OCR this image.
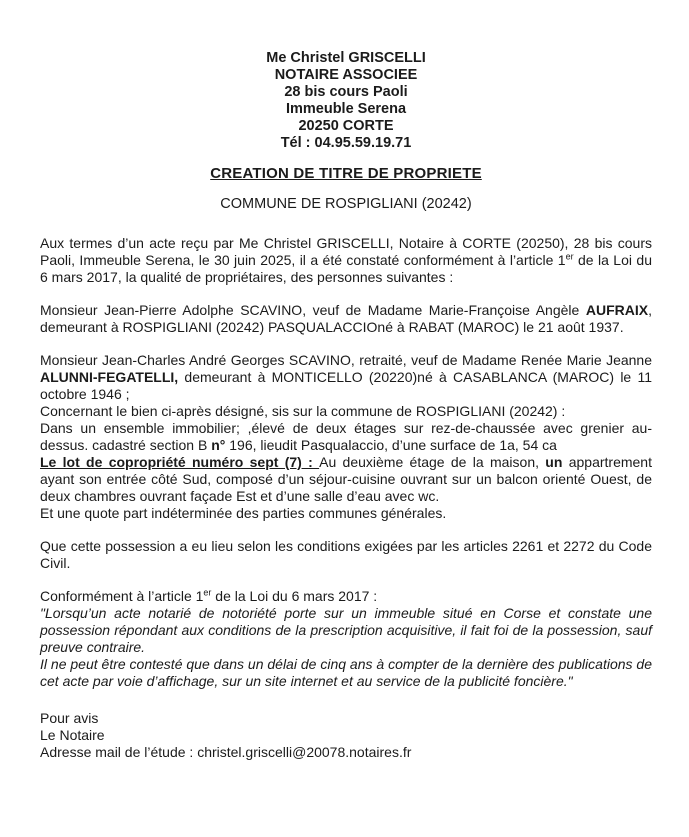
Me Christel GRISCELLI
NOTAIRE ASSOCIEE
28 bis cours Paoli
Immeuble Serena
20250 CORTE
Tél : 04.95.59.19.71
CREATION DE TITRE DE PROPRIETE
COMMUNE DE ROSPIGLIANI (20242)

Aux termes d’un acte reçu par Me Christel GRISCELLI, Notaire à CORTE (20250), 28 bis cours Paoli, Immeuble Serena, le 30 juin 2025, il a été constaté conformément à l’article 1er de la Loi du 6 mars 2017, la qualité de propriétaires, des personnes suivantes :

Monsieur Jean-Pierre Adolphe SCAVINO, veuf de Madame Marie-Françoise Angèle AUFRAIX, demeurant à ROSPIGLIANI (20242) PASQUALACCIOné à RABAT (MAROC) le 21 août 1937.

Monsieur Jean-Charles André Georges SCAVINO, retraité, veuf de Madame Renée Marie Jeanne ALUNNI-FEGATELLI, demeurant à MONTICELLO (20220)né à CASABLANCA (MAROC) le 11 octobre 1946 ;

Concernant le bien ci-après désigné, sis sur la commune de ROSPIGLIANI (20242) :

Dans un ensemble immobilier; ,élevé de deux étages sur rez-de-chaussée avec grenier au-dessus. cadastré section B n° 196, lieudit Pasqualaccio, d’une surface de 1a, 54 ca

Le lot de copropriété numéro sept (7) : Au deuxième étage de la maison, un appartrement ayant son entrée côté Sud, composé d’un séjour-cuisine ouvrant sur un balcon orienté Ouest, de deux chambres ouvrant façade Est et d’une salle d’eau avec wc.

Et une quote part indéterminée des parties communes générales.

Que cette possession a eu lieu selon les conditions exigées par les articles 2261 et 2272 du Code Civil.

Conformément à l’article 1er de la Loi du 6 mars 2017 :

"Lorsqu’un acte notarié de notoriété porte sur un immeuble situé en Corse et constate une possession répondant aux conditions de la prescription acquisitive, il fait foi de la possession, sauf preuve contraire.

Il ne peut être contesté que dans un délai de cinq ans à compter de la dernière des publications de cet acte par voie d’affichage, sur un site internet et au service de la publicité foncière."

Pour avis

Le Notaire

Adresse mail de l’étude : christel.griscelli@20078.notaires.fr
